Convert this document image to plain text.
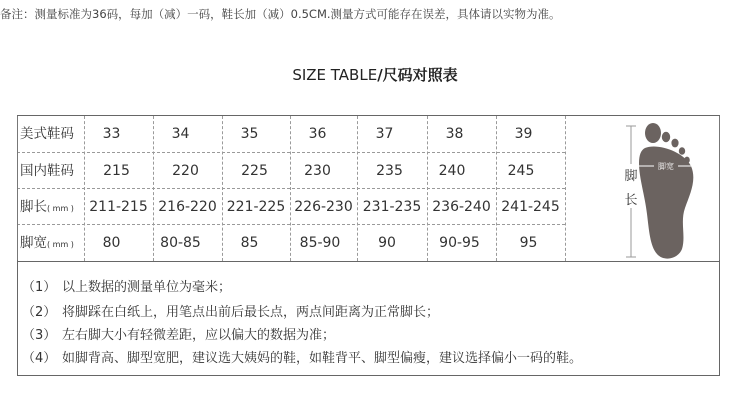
备注：测量标准为36码，每加（减）一码，鞋长加（减）0.5CM.测量方式可能存在误差，具体请以实物为准。
SIZE TABLE/尺码对照表
美式鞋码	33	34	35	36	37	38	39
国内鞋码	215	220	225	230	235	240	245
脚长( mm )	211-215 216-220 221-225 226-230 231-235 236-240 241-245
脚宽( mm )	80	80-85	85	85-90	90	90-95	95
脚宽
脚
长
（1） 以上数据的测量单位为毫米；
（2） 将脚踩在白纸上，用笔点出前后最长点，两点间距离为正常脚长；
（3） 左右脚大小有轻微差距，应以偏大的数据为准；
（4） 如脚背高、脚型宽肥，建议选大姨妈的鞋，如鞋背平、脚型偏瘦，建议选择偏小一码的鞋。
